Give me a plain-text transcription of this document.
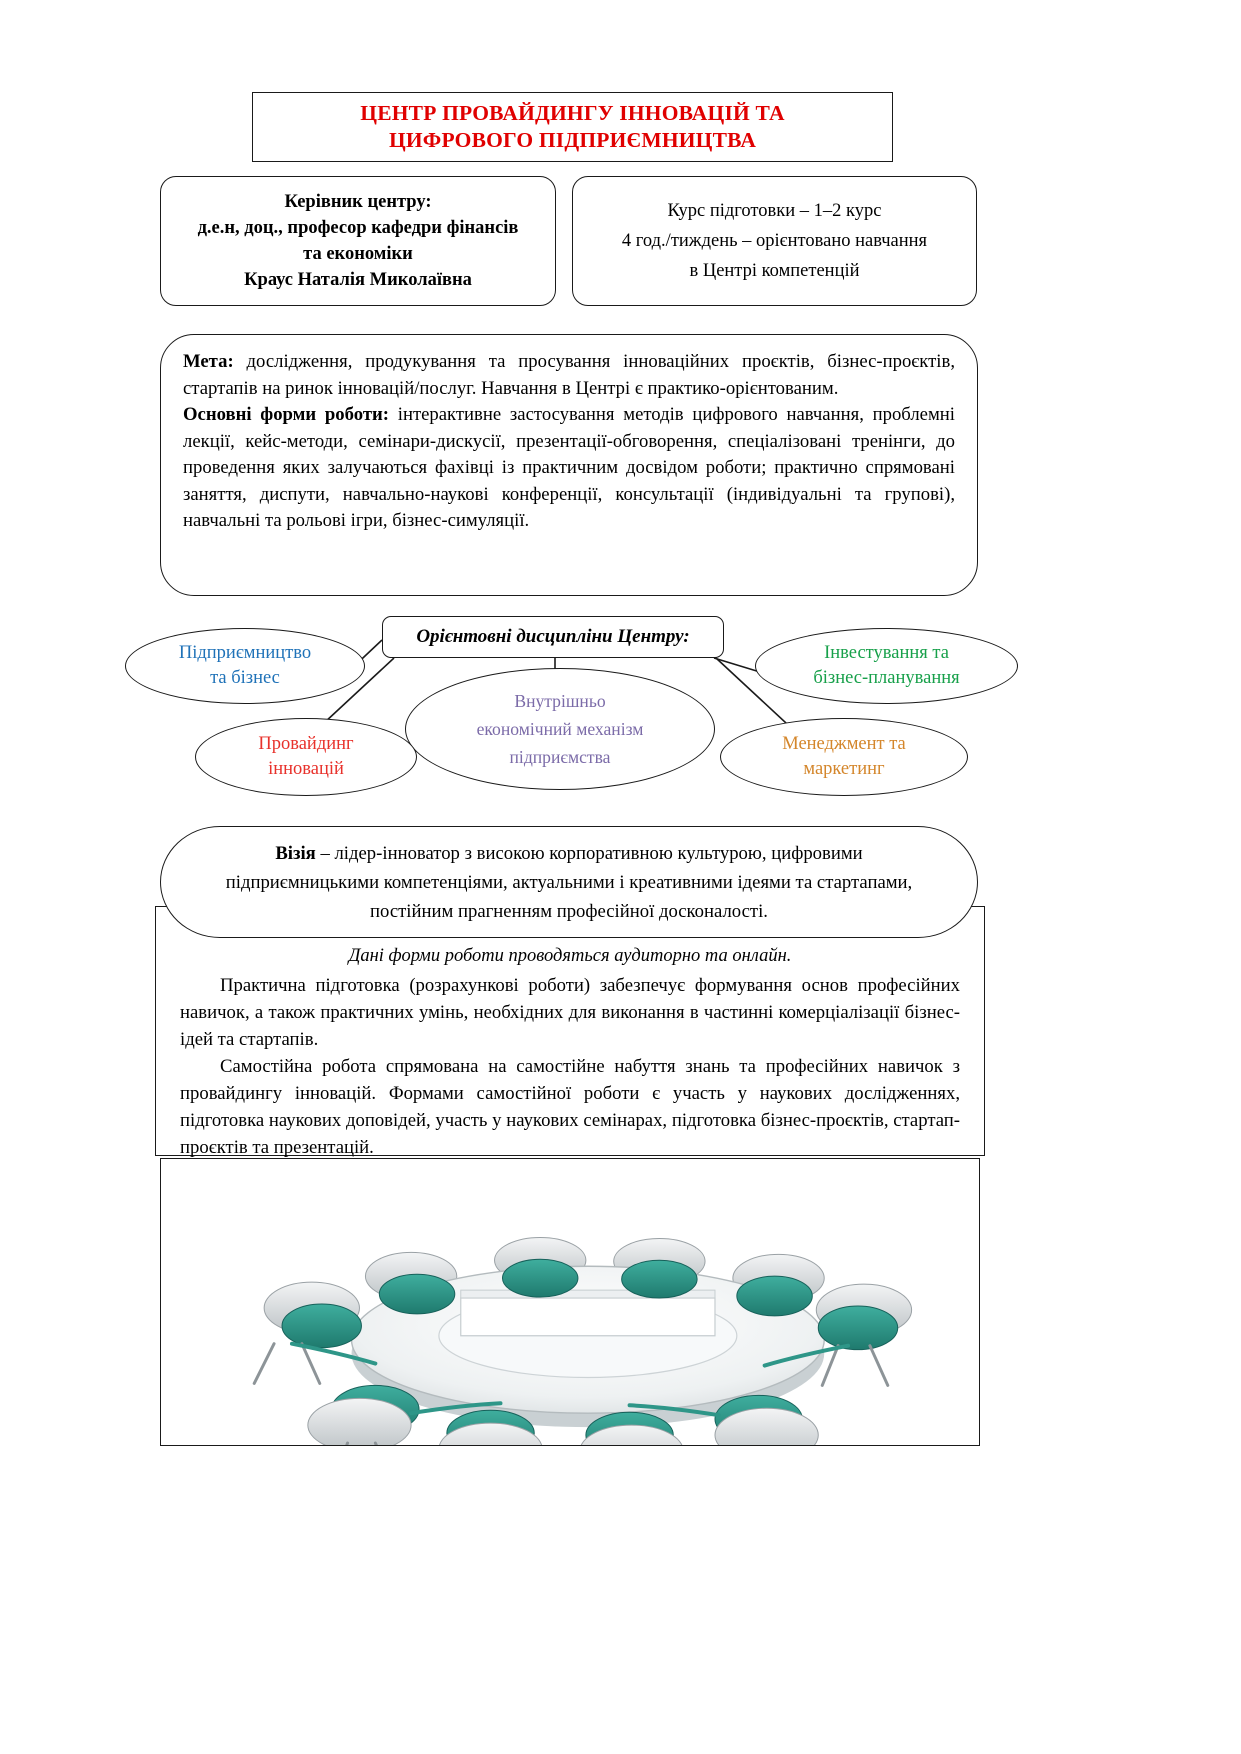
ЦЕНТР ПРОВАЙДИНГУ ІННОВАЦІЙ ТА
ЦИФРОВОГО ПІДПРИЄМНИЦТВА
Керівник центру:
д.е.н, доц., професор кафедри фінансів
та економіки
Краус Наталія Миколаївна
Курс підготовки – 1–2 курс
4 год./тиждень – орієнтовано навчання
в Центрі компетенцій

Мета: дослідження, продукування та просування інноваційних проєктів, бізнес-проєктів, стартапів на ринок інновацій/послуг. Навчання в Центрі є практико-орієнтованим.

Основні форми роботи: інтерактивне застосування методів цифрового навчання, проблемні лекції, кейс-методи, семінари-дискусії, презентації-обговорення, спеціалізовані тренінги, до проведення яких залучаються фахівці із практичним досвідом роботи; практично спрямовані заняття, диспути, навчально-наукові конференції, консультації (індивідуальні та групові), навчальні та рольові ігри, бізнес-симуляції.

Орієнтовні дисципліни Центру:
Підприємництво
та бізнес
Інвестування та
бізнес-планування
Внутрішньо
економічний механізм
підприємства
Провайдинг
інновацій
Менеджмент та
маркетинг

Дані форми роботи проводяться аудиторно та онлайн.

Практична підготовка (розрахункові роботи) забезпечує формування основ професійних навичок, а також практичних умінь, необхідних для виконання в частинні комерціалізації бізнес-ідей та стартапів.

Самостійна робота спрямована на самостійне набуття знань та професійних навичок з провайдингу інновацій. Формами самостійної роботи є участь у наукових дослідженнях, підготовка наукових доповідей, участь у наукових семінарах, підготовка бізнес-проєктів, стартап-проєктів та презентацій.

Візія – лідер-інноватор з високою корпоративною культурою, цифровими підприємницькими компетенціями, актуальними і креативними ідеями та стартапами, постійним прагненням професійної досконалості.
